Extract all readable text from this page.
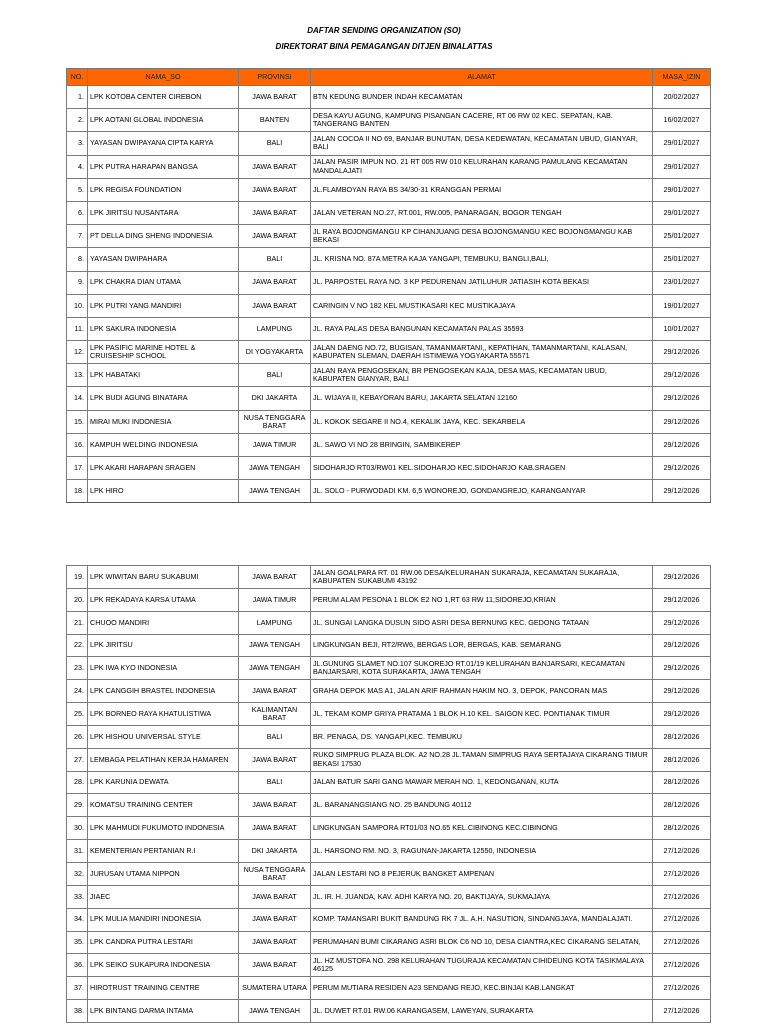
DAFTAR SENDING ORGANIZATION (SO)
DIREKTORAT BINA PEMAGANGAN DITJEN BINALATTAS
NO.	NAMA_SO	PROVINSI	ALAMAT	MASA_IZIN
1.	LPK KOTOBA CENTER CIREBON	JAWA BARAT	BTN KEDUNG BUNDER INDAH KECAMATAN	20/02/2027
2.	LPK AOTANI GLOBAL INDONESIA	BANTEN	DESA KAYU AGUNG, KAMPUNG PISANGAN CACERE, RT 06 RW 02 KEC. SEPATAN, KAB. TANGERANG BANTEN	16/02/2027
3.	YAYASAN DWIPAYANA CIPTA KARYA	BALI	JALAN COCOA II NO 69, BANJAR BUNUTAN, DESA KEDEWATAN, KECAMATAN UBUD, GIANYAR, BALI	29/01/2027
4.	LPK PUTRA HARAPAN BANGSA	JAWA BARAT	JALAN PASIR IMPUN NO. 21 RT 005 RW 010 KELURAHAN KARANG PAMULANG KECAMATAN MANDALAJATI	29/01/2027
5.	LPK REGISA FOUNDATION	JAWA BARAT	JL.FLAMBOYAN RAYA BS 34/30-31 KRANGGAN PERMAI	29/01/2027
6.	LPK JIRITSU NUSANTARA	JAWA BARAT	JALAN VETERAN NO.27, RT.001, RW.005, PANARAGAN, BOGOR TENGAH	29/01/2027
7.	PT DELLA DING SHENG INDONESIA	JAWA BARAT	JL RAYA BOJONGMANGU KP CIHANJUANG DESA BOJONGMANGU KEC BOJONGMANGU KAB BEKASI	25/01/2027
8.	YAYASAN DWIPAHARA	BALI	JL. KRISNA NO. 87A METRA KAJA YANGAPI, TEMBUKU, BANGLI,BALI,	25/01/2027
9.	LPK CHAKRA DIAN UTAMA	JAWA BARAT	JL. PARPOSTEL RAYA NO. 3 KP PEDURENAN JATILUHUR JATIASIH KOTA BEKASI	23/01/2027
10.	LPK PUTRI YANG MANDIRI	JAWA BARAT	CARINGIN V NO 182 KEL MUSTIKASARI KEC MUSTIKAJAYA	19/01/2027
11.	LPK SAKURA INDONESIA	LAMPUNG	JL. RAYA PALAS DESA BANGUNAN KECAMATAN PALAS 35593	10/01/2027
12.	LPK PASIFIC MARINE HOTEL & CRUISESHIP SCHOOL	DI YOGYAKARTA	JALAN DAENG NO.72, BUGISAN, TAMANMARTANI,, KEPATIHAN, TAMANMARTANI, KALASAN, KABUPATEN SLEMAN, DAERAH ISTIMEWA YOGYAKARTA 55571	29/12/2026
13.	LPK HABATAKI	BALI	JALAN RAYA PENGOSEKAN, BR PENGOSEKAN KAJA, DESA MAS, KECAMATAN UBUD, KABUPATEN GIANYAR, BALI	29/12/2026
14.	LPK BUDI AGUNG BINATARA	DKI JAKARTA	JL. WIJAYA II, KEBAYORAN BARU, JAKARTA SELATAN 12160	29/12/2026
15.	MIRAI MUKI INDONESIA	NUSA TENGGARA BARAT	JL. KOKOK SEGARE II NO.4, KEKALIK JAYA, KEC. SEKARBELA	29/12/2026
16.	KAMPUH WELDING INDONESIA	JAWA TIMUR	JL. SAWO VI NO 28 BRINGIN, SAMBIKEREP	29/12/2026
17.	LPK AKARI HARAPAN SRAGEN	JAWA TENGAH	SIDOHARJO RT03/RW01 KEL.SIDOHARJO KEC.SIDOHARJO KAB.SRAGEN	29/12/2026
18.	LPK HIRO	JAWA TENGAH	JL. SOLO - PURWODADI KM. 6,5 WONOREJO, GONDANGREJO, KARANGANYAR	29/12/2026
19.	LPK WIWITAN BARU SUKABUMI	JAWA BARAT	JALAN GOALPARA RT. 01 RW.06 DESA/KELURAHAN SUKARAJA, KECAMATAN SUKARAJA, KABUPATEN SUKABUMI 43192	29/12/2026
20.	LPK REKADAYA KARSA UTAMA	JAWA TIMUR	PERUM ALAM PESONA 1 BLOK E2 NO 1,RT 63 RW 11,SIDOREJO,KRIAN	29/12/2026
21.	CHUOO MANDIRI	LAMPUNG	JL. SUNGAI LANGKA DUSUN SIDO ASRI DESA BERNUNG KEC. GEDONG TATAAN	29/12/2026
22.	LPK JIRITSU	JAWA TENGAH	LINGKUNGAN BEJI, RT2/RW6, BERGAS LOR, BERGAS, KAB. SEMARANG	29/12/2026
23.	LPK IWA KYO INDONESIA	JAWA TENGAH	JL.GUNUNG SLAMET NO.107 SUKOREJO RT.01/19 KELURAHAN BANJARSARI, KECAMATAN BANJARSARI, KOTA SURAKARTA, JAWA TENGAH	29/12/2026
24.	LPK CANGGIH BRASTEL INDONESIA	JAWA BARAT	GRAHA DEPOK MAS A1, JALAN ARIF RAHMAN HAKIM NO. 3, DEPOK, PANCORAN MAS	29/12/2026
25.	LPK BORNEO RAYA KHATULISTIWA	KALIMANTAN BARAT	JL. TEKAM KOMP GRIYA PRATAMA 1 BLOK H.10 KEL. SAIGON KEC. PONTIANAK TIMUR	29/12/2026
26.	LPK HISHOU UNIVERSAL STYLE	BALI	BR. PENAGA, DS. YANGAPI,KEC. TEMBUKU	28/12/2026
27.	LEMBAGA PELATIHAN KERJA HAMAREN	JAWA BARAT	RUKO SIMPRUG PLAZA BLOK. A2 NO.28 JL.TAMAN SIMPRUG RAYA SERTAJAYA CIKARANG TIMUR BEKASI 17530	28/12/2026
28.	LPK KARUNIA DEWATA	BALI	JALAN BATUR SARI GANG MAWAR MERAH NO. 1, KEDONGANAN, KUTA	28/12/2026
29.	KOMATSU TRAINING CENTER	JAWA BARAT	JL. BARANANGSIANG NO. 25 BANDUNG 40112	28/12/2026
30.	LPK MAHMUDI FUKUMOTO INDONESIA	JAWA BARAT	LINGKUNGAN SAMPORA RT01/03 NO.65 KEL.CIBINONG KEC.CIBINONG	28/12/2026
31.	KEMENTERIAN PERTANIAN R.I	DKI JAKARTA	JL. HARSONO RM. NO. 3, RAGUNAN-JAKARTA 12550, INDONESIA	27/12/2026
32.	JURUSAN UTAMA NIPPON	NUSA TENGGARA BARAT	JALAN LESTARI NO 8 PEJERUK BANGKET AMPENAN	27/12/2026
33.	JIAEC	JAWA BARAT	JL. IR. H. JUANDA, KAV. ADHI KARYA NO. 20, BAKTIJAYA, SUKMAJAYA	27/12/2026
34.	LPK MULIA MANDIRI INDONESIA	JAWA BARAT	KOMP. TAMANSARI BUKIT BANDUNG RK 7 JL. A.H. NASUTION, SINDANGJAYA, MANDALAJATI.	27/12/2026
35.	LPK CANDRA PUTRA LESTARI	JAWA BARAT	PERUMAHAN BUMI CIKARANG ASRI BLOK C6 NO 10, DESA CIANTRA,KEC CIKARANG SELATAN,	27/12/2026
36.	LPK SEIKO SUKAPURA INDONESIA	JAWA BARAT	JL. HZ MUSTOFA NO. 298 KELURAHAN TUGURAJA KECAMATAN CIHIDEUNG KOTA TASIKMALAYA 46125	27/12/2026
37.	HIROTRUST TRAINING CENTRE	SUMATERA UTARA	PERUM MUTIARA RESIDEN A23 SENDANG REJO, KEC.BINJAI KAB.LANGKAT	27/12/2026
38.	LPK BINTANG DARMA INTAMA	JAWA TENGAH	JL. DUWET RT.01 RW.06 KARANGASEM, LAWEYAN, SURAKARTA	27/12/2026
